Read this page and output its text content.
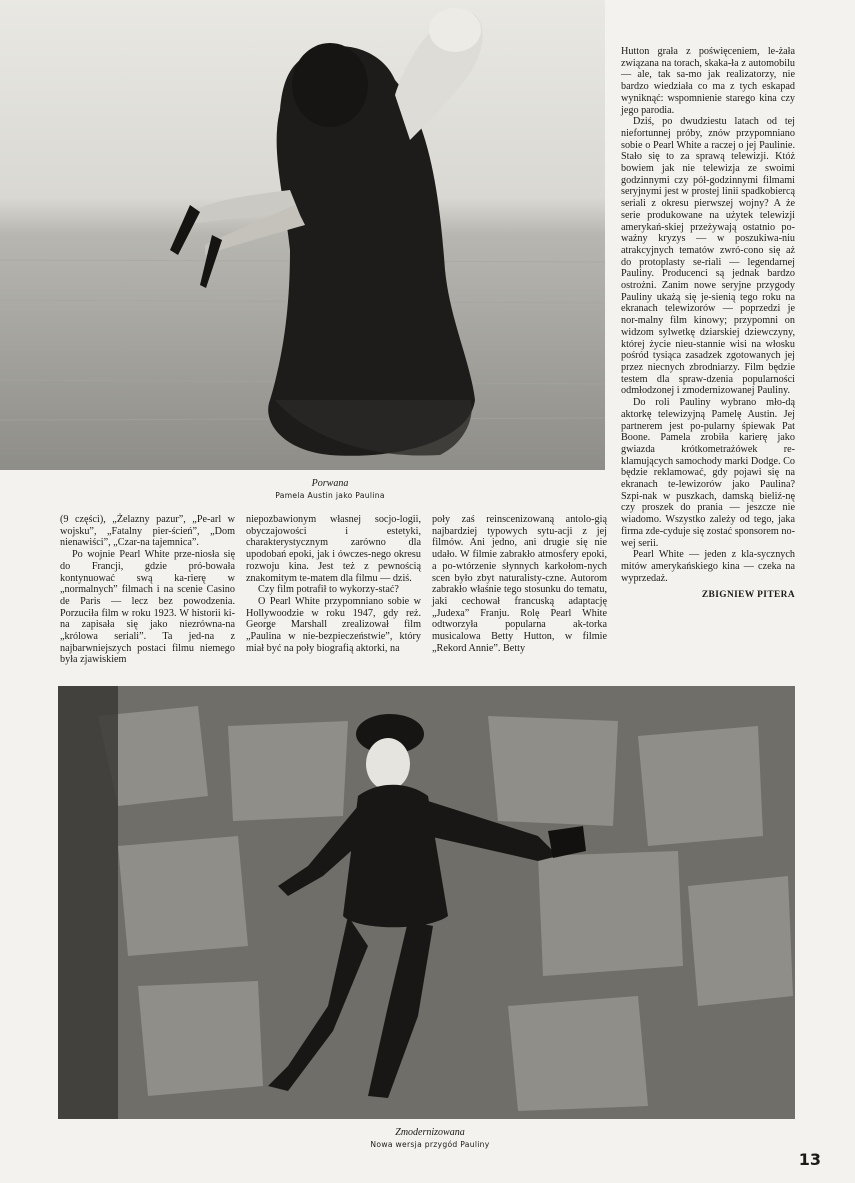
Porwana
Pamela Austin jako Paulina

Hutton grała z poświęceniem, le-żała związana na torach, skaka-ła z automobilu — ale, tak sa-mo jak realizatorzy, nie bardzo wiedziała co ma z tych eskapad wyniknąć: wspomnienie starego kina czy jego parodia.

Dziś, po dwudziestu latach od tej niefortunnej próby, znów przypomniano sobie o Pearl White a raczej o jej Paulinie. Stało się to za sprawą telewizji. Któż bowiem jak nie telewizja ze swoimi godzinnymi czy pół-godzinnymi filmami seryjnymi jest w prostej linii spadkobiercą seriali z okresu pierwszej wojny? A że serie produkowane na użytek telewizji amerykań-skiej przeżywają ostatnio po-ważny kryzys — w poszukiwa-niu atrakcyjnych tematów zwró-cono się aż do protoplasty se-riali — legendarnej Pauliny. Producenci są jednak bardzo ostrożni. Zanim nowe seryjne przygody Pauliny ukażą się je-sienią tego roku na ekranach telewizorów — poprzedzi je nor-malny film kinowy; przypomni on widzom sylwetkę dziarskiej dziewczyny, której życie nieu-stannie wisi na włosku pośród tysiąca zasadzek zgotowanych jej przez niecnych zbrodniarzy. Film będzie testem dla spraw-dzenia popularności odmłodzonej i zmodernizowanej Pauliny.

Do roli Pauliny wybrano mło-dą aktorkę telewizyjną Pamelę Austin. Jej partnerem jest po-pularny śpiewak Pat Boone. Pamela zrobiła karierę jako gwiazda krótkometrażówek re-klamujących samochody marki Dodge. Co będzie reklamować, gdy pojawi się na ekranach te-lewizorów jako Paulina? Szpi-nak w puszkach, damską bieliź-nę czy proszek do prania — jeszcze nie wiadomo. Wszystko zależy od tego, jaka firma zde-cyduje się zostać sponsorem no-wej serii.

Pearl White — jeden z kla-sycznych mitów amerykańskiego kina — czeka na wyprzedaż.

ZBIGNIEW PITERA

(9 części), „Żelazny pazur”, „Pe-arl w wojsku”, „Fatalny pier-ścień”, „Dom nienawiści”, „Czar-na tajemnica”.

Po wojnie Pearl White prze-niosła się do Francji, gdzie pró-bowała kontynuować swą ka-rierę w „normalnych” filmach i na scenie Casino de Paris — lecz bez powodzenia. Porzuciła film w roku 1923. W historii ki-na zapisała się jako niezrówna-na „królowa seriali”. Ta jed-na z najbarwniejszych postaci filmu niemego była zjawiskiem

niepozbawionym własnej socjo-logii, obyczajowości i estetyki, charakterystycznym zarówno dla upodobań epoki, jak i ówczes-nego okresu rozwoju kina. Jest też z pewnością znakomitym te-matem dla filmu — dziś.

Czy film potrafił to wykorzy-stać?

O Pearl White przypomniano sobie w Hollywoodzie w roku 1947, gdy reż. George Marshall zrealizował film „Paulina w nie-bezpieczeństwie”, który miał być na poły biografią aktorki, na

poły zaś reinscenizowaną antolo-gią najbardziej typowych sytu-acji z jej filmów. Ani jedno, ani drugie się nie udało. W filmie zabrakło atmosfery epoki, a po-wtórzenie słynnych karkołom-nych scen było zbyt naturalisty-czne. Autorom zabrakło właśnie tego stosunku do tematu, jaki cechował francuską adaptację „Judexa” Franju. Rolę Pearl White odtworzyła popularna ak-torka musicalowa Betty Hutton, w filmie „Rekord Annie”. Betty

Zmodernizowana
Nowa wersja przygód Pauliny
13
